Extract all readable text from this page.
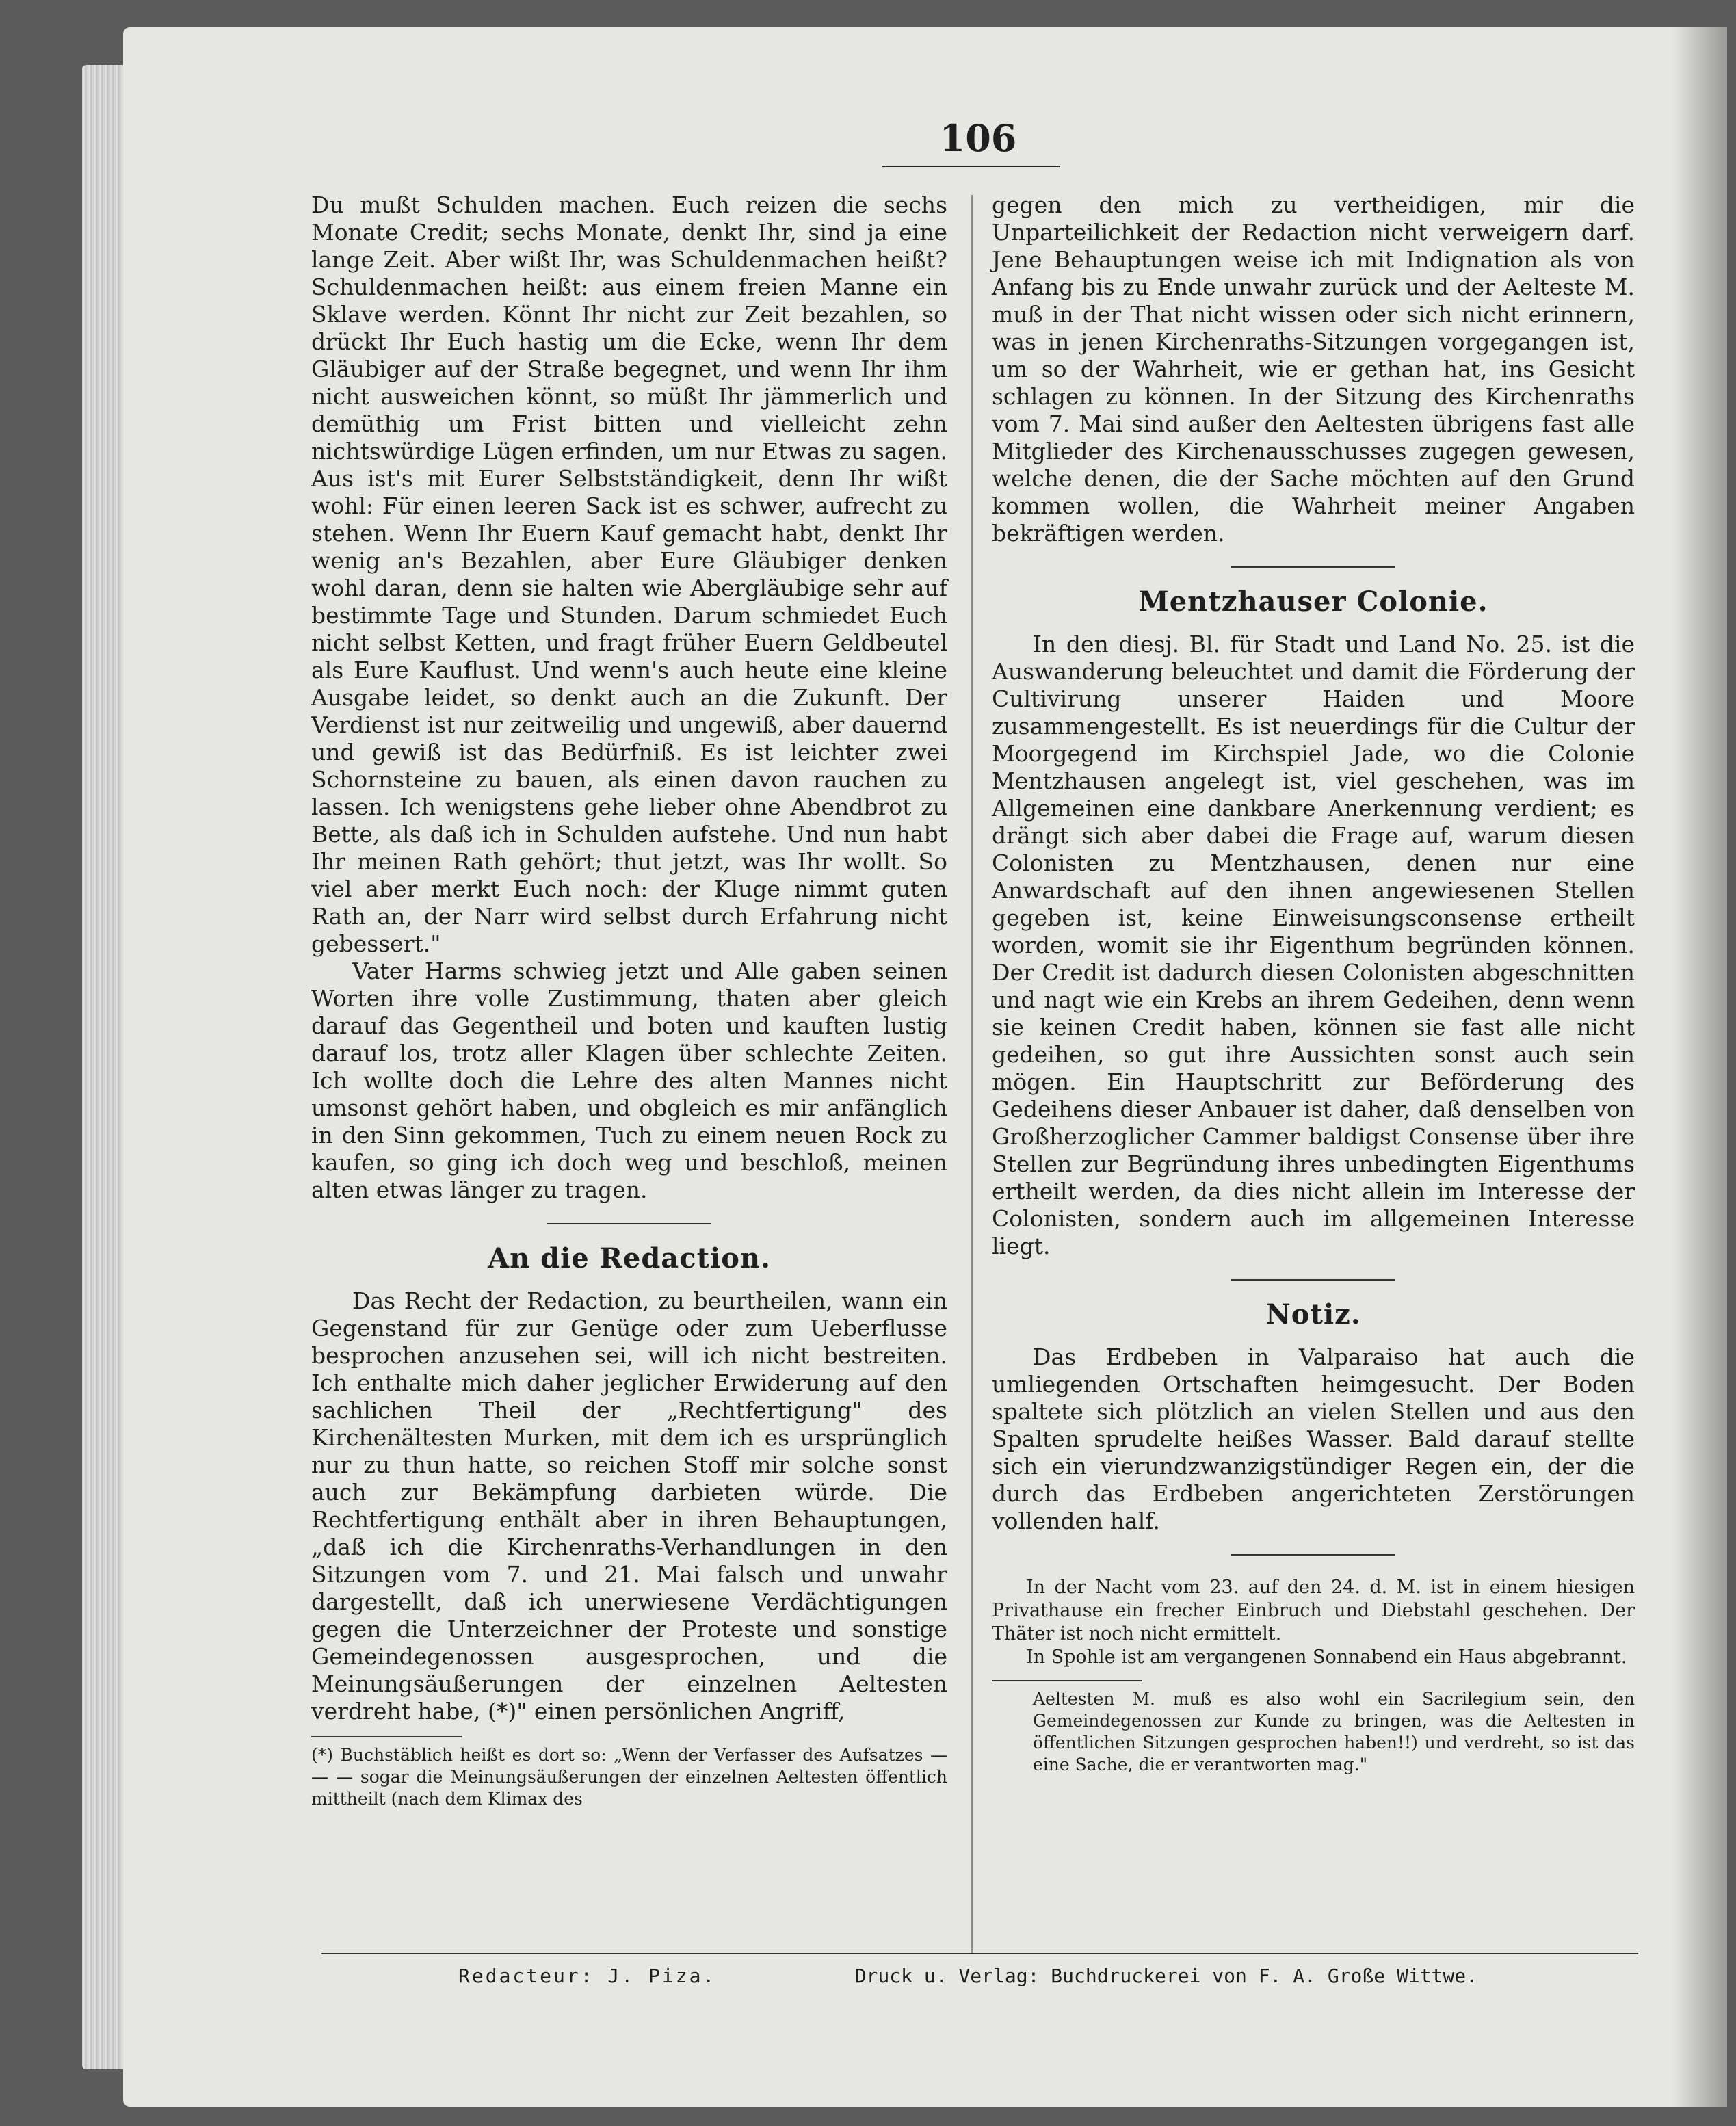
106

Du mußt Schulden machen. Euch reizen die sechs Monate Credit; sechs Monate, denkt Ihr, sind ja eine lange Zeit. Aber wißt Ihr, was Schuldenmachen heißt? Schuldenmachen heißt: aus einem freien Manne ein Sklave werden. Könnt Ihr nicht zur Zeit bezahlen, so drückt Ihr Euch hastig um die Ecke, wenn Ihr dem Gläubiger auf der Straße begegnet, und wenn Ihr ihm nicht ausweichen könnt, so müßt Ihr jämmerlich und demüthig um Frist bitten und vielleicht zehn nichtswürdige Lügen erfinden, um nur Etwas zu sagen. Aus ist's mit Eurer Selbstständigkeit, denn Ihr wißt wohl: Für einen leeren Sack ist es schwer, aufrecht zu stehen. Wenn Ihr Euern Kauf gemacht habt, denkt Ihr wenig an's Bezahlen, aber Eure Gläubiger denken wohl daran, denn sie halten wie Abergläubige sehr auf bestimmte Tage und Stunden. Darum schmiedet Euch nicht selbst Ketten, und fragt früher Euern Geldbeutel als Eure Kauflust. Und wenn's auch heute eine kleine Ausgabe leidet, so denkt auch an die Zukunft. Der Verdienst ist nur zeitweilig und ungewiß, aber dauernd und gewiß ist das Bedürfniß. Es ist leichter zwei Schornsteine zu bauen, als einen davon rauchen zu lassen. Ich wenigstens gehe lieber ohne Abendbrot zu Bette, als daß ich in Schulden aufstehe. Und nun habt Ihr meinen Rath gehört; thut jetzt, was Ihr wollt. So viel aber merkt Euch noch: der Kluge nimmt guten Rath an, der Narr wird selbst durch Erfahrung nicht gebessert."

Vater Harms schwieg jetzt und Alle gaben seinen Worten ihre volle Zustimmung, thaten aber gleich darauf das Gegentheil und boten und kauften lustig darauf los, trotz aller Klagen über schlechte Zeiten. Ich wollte doch die Lehre des alten Mannes nicht umsonst gehört haben, und obgleich es mir anfänglich in den Sinn gekommen, Tuch zu einem neuen Rock zu kaufen, so ging ich doch weg und beschloß, meinen alten etwas länger zu tragen.

An die Redaction.

Das Recht der Redaction, zu beurtheilen, wann ein Gegenstand für zur Genüge oder zum Ueberflusse besprochen anzusehen sei, will ich nicht bestreiten. Ich enthalte mich daher jeglicher Erwiderung auf den sachlichen Theil der „Rechtfertigung" des Kirchenältesten Murken, mit dem ich es ursprünglich nur zu thun hatte, so reichen Stoff mir solche sonst auch zur Bekämpfung darbieten würde. Die Rechtfertigung enthält aber in ihren Behauptungen, „daß ich die Kirchenraths-Verhandlungen in den Sitzungen vom 7. und 21. Mai falsch und unwahr dargestellt, daß ich unerwiesene Verdächtigungen gegen die Unterzeichner der Proteste und sonstige Gemeindegenossen ausgesprochen, und die Meinungsäußerungen der einzelnen Aeltesten verdreht habe, (*)" einen persönlichen Angriff,

(*) Buchstäblich heißt es dort so: „Wenn der Verfasser des Aufsatzes — — — sogar die Meinungsäußerungen der einzelnen Aeltesten öffentlich mittheilt (nach dem Klimax des

gegen den mich zu vertheidigen, mir die Unparteilichkeit der Redaction nicht verweigern darf. Jene Behauptungen weise ich mit Indignation als von Anfang bis zu Ende unwahr zurück und der Aelteste M. muß in der That nicht wissen oder sich nicht erinnern, was in jenen Kirchenraths-Sitzungen vorgegangen ist, um so der Wahrheit, wie er gethan hat, ins Gesicht schlagen zu können. In der Sitzung des Kirchenraths vom 7. Mai sind außer den Aeltesten übrigens fast alle Mitglieder des Kirchenausschusses zugegen gewesen, welche denen, die der Sache möchten auf den Grund kommen wollen, die Wahrheit meiner Angaben bekräftigen werden.

Mentzhauser Colonie.

In den diesj. Bl. für Stadt und Land No. 25. ist die Auswanderung beleuchtet und damit die Förderung der Cultivirung unserer Haiden und Moore zusammengestellt. Es ist neuerdings für die Cultur der Moorgegend im Kirchspiel Jade, wo die Colonie Mentzhausen angelegt ist, viel geschehen, was im Allgemeinen eine dankbare Anerkennung verdient; es drängt sich aber dabei die Frage auf, warum diesen Colonisten zu Mentzhausen, denen nur eine Anwardschaft auf den ihnen angewiesenen Stellen gegeben ist, keine Einweisungsconsense ertheilt worden, womit sie ihr Eigenthum begründen können. Der Credit ist dadurch diesen Colonisten abgeschnitten und nagt wie ein Krebs an ihrem Gedeihen, denn wenn sie keinen Credit haben, können sie fast alle nicht gedeihen, so gut ihre Aussichten sonst auch sein mögen. Ein Hauptschritt zur Beförderung des Gedeihens dieser Anbauer ist daher, daß denselben von Großherzoglicher Cammer baldigst Consense über ihre Stellen zur Begründung ihres unbedingten Eigenthums ertheilt werden, da dies nicht allein im Interesse der Colonisten, sondern auch im allgemeinen Interesse liegt.

Notiz.

Das Erdbeben in Valparaiso hat auch die umliegenden Ortschaften heimgesucht. Der Boden spaltete sich plötzlich an vielen Stellen und aus den Spalten sprudelte heißes Wasser. Bald darauf stellte sich ein vierundzwanzigstündiger Regen ein, der die durch das Erdbeben angerichteten Zerstörungen vollenden half.

In der Nacht vom 23. auf den 24. d. M. ist in einem hiesigen Privathause ein frecher Einbruch und Diebstahl geschehen. Der Thäter ist noch nicht ermittelt.

In Spohle ist am vergangenen Sonnabend ein Haus abgebrannt.

Aeltesten M. muß es also wohl ein Sacrilegium sein, den Gemeindegenossen zur Kunde zu bringen, was die Aeltesten in öffentlichen Sitzungen gesprochen haben!!) und verdreht, so ist das eine Sache, die er verantworten mag."
Redacteur: J. Piza.	Druck u. Verlag: Buchdruckerei von F. A. Große Wittwe.
